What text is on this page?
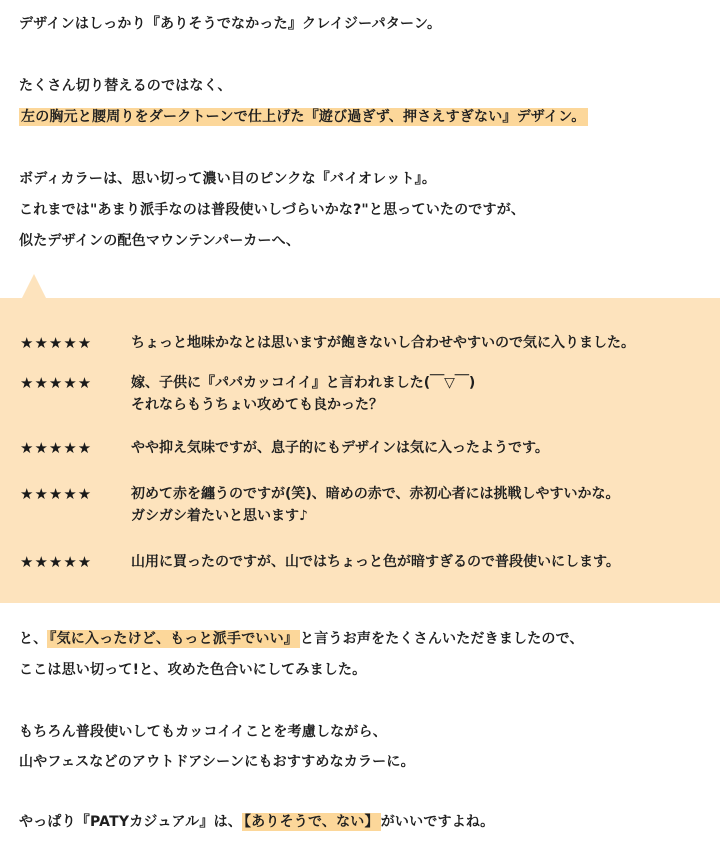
デザインはしっかり『ありそうでなかった』クレイジーパターン。
たくさん切り替えるのではなく、
左の胸元と腰周りをダークトーンで仕上げた『遊び過ぎず、押さえすぎない』デザイン。
ボディカラーは、思い切って濃い目のピンクな『バイオレット』。
これまでは"あまり派手なのは普段使いしづらいかな?"と思っていたのですが、
似たデザインの配色マウンテンパーカーへ、
★★★★★	ちょっと地味かなとは思いますが飽きないし合わせやすいので気に入りました。
★★★★★	嫁、子供に『パパカッコイイ』と言われました(￣▽￣)
それならもうちょい攻めても良かった？
★★★★★	やや抑え気味ですが、息子的にもデザインは気に入ったようです。
★★★★★	初めて赤を纏うのですが(笑)、暗めの赤で、赤初心者には挑戦しやすいかな。
ガシガシ着たいと思います♪
★★★★★	山用に買ったのですが、山ではちょっと色が暗すぎるので普段使いにします。
と、 『気に入ったけど、もっと派手でいい』 と言うお声をたくさんいただきましたので、
ここは思い切って!と、攻めた色合いにしてみました。
もちろん普段使いしてもカッコイイことを考慮しながら、
山やフェスなどのアウトドアシーンにもおすすめなカラーに。
やっぱり『PATYカジュアル』は、 【ありそうで、ない】 がいいですよね。
